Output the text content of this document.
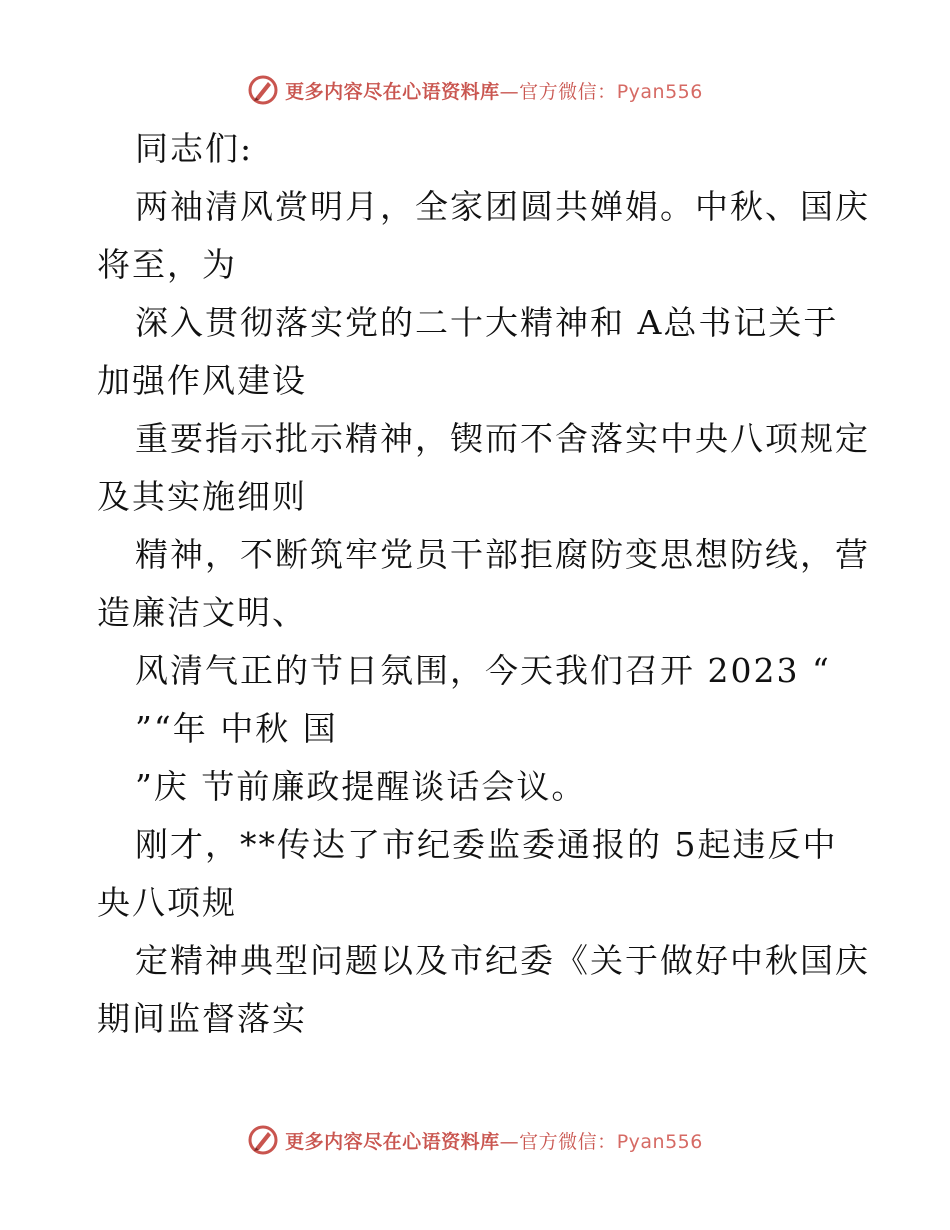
更多内容尽在心语资料库—官方微信：Pyan556
同志们:
两袖清风赏明月，全家团圆共婵娟。中秋、国庆
将至，为
深入贯彻落实党的二十大精神和 A总书记关于
加强作风建设
重要指示批示精神，锲而不舍落实中央八项规定
及其实施细则
精神，不断筑牢党员干部拒腐防变思想防线，营
造廉洁文明、
风清气正的节日氛围，今天我们召开 2023 “
”“年 中秋 国
”庆 节前廉政提醒谈话会议。
刚才，**传达了市纪委监委通报的 5起违反中
央八项规
定精神典型问题以及市纪委《关于做好中秋国庆
期间监督落实
更多内容尽在心语资料库—官方微信：Pyan556
